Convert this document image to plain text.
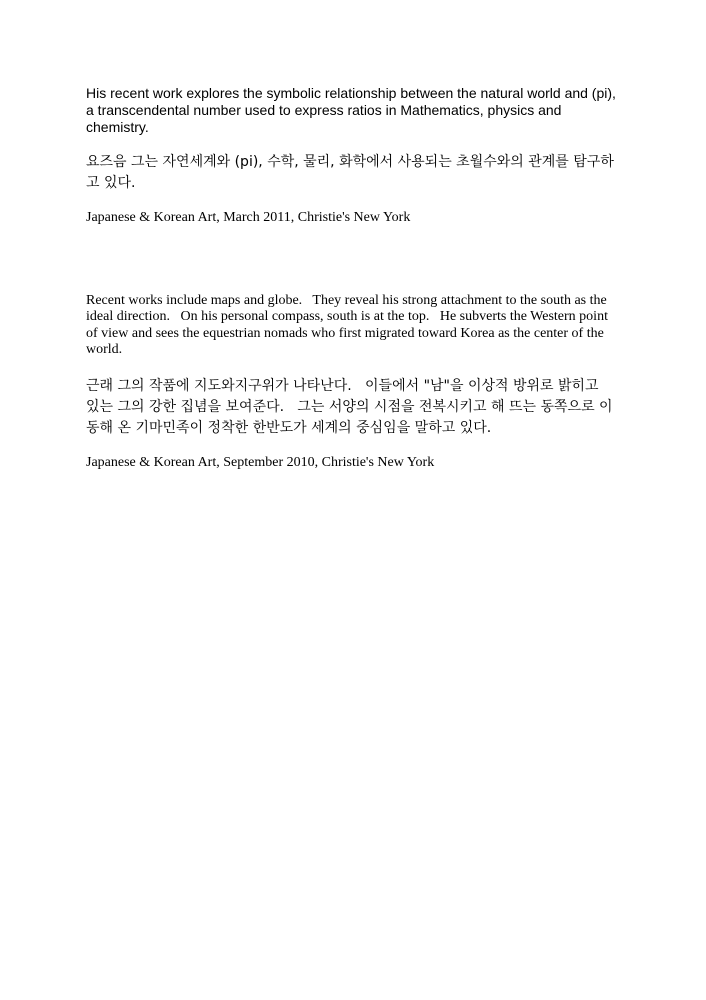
His recent work explores the symbolic relationship between the natural world and (pi), a transcendental number used to express ratios in Mathematics, physics and chemistry.

요즈음 그는 자연세계와 (pi), 수학, 물리, 화학에서 사용되는 초월수와의 관계를 탐구하고 있다.

Japanese & Korean Art, March 2011, Christie's New York

Recent works include maps and globe.   They reveal his strong attachment to the south as the ideal direction.   On his personal compass, south is at the top.   He subverts the Western point of view and sees the equestrian nomads who first migrated toward Korea as the center of the world.

근래 그의 작품에 지도와지구위가 나타난다.   이들에서 "남"을 이상적 방위로 밝히고 있는 그의 강한 집념을 보여준다.   그는 서양의 시점을 전복시키고 해 뜨는 동쪽으로 이동해 온 기마민족이 정착한 한반도가 세계의 중심임을 말하고 있다.

Japanese & Korean Art, September 2010, Christie's New York
